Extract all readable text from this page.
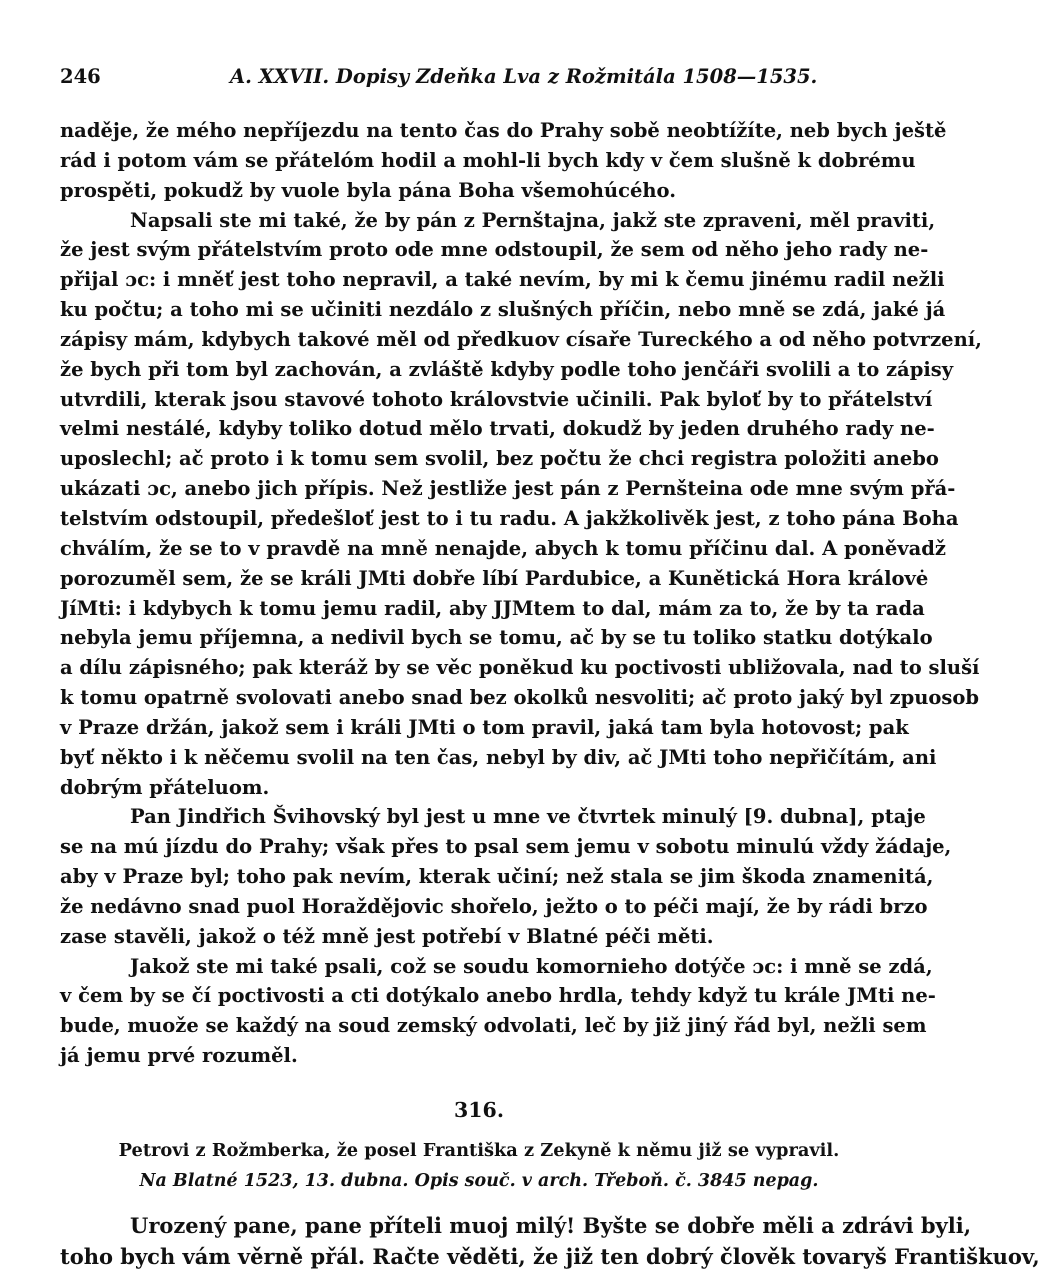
246	A. XXVII. Dopisy Zdeňka Lva z Rožmitála 1508—1535.
naděje, že mého nepříjezdu na tento čas do Prahy sobě neobtížíte, neb bych ještě
rád i potom vám se přátelóm hodil a mohl-li bych kdy v čem slušně k dobrému
prospěti, pokudž by vuole byla pána Boha všemohúcého.
Napsali ste mi také, že by pán z Pernštajna, jakž ste zpraveni, měl praviti,
že jest svým přátelstvím proto ode mne odstoupil, že sem od něho jeho rady ne-
přijal ɔc: i mněť jest toho nepravil, a také nevím, by mi k čemu jinému radil nežli
ku počtu; a toho mi se učiniti nezdálo z slušných příčin, nebo mně se zdá, jaké já
zápisy mám, kdybych takové měl od předkuov císaře Tureckého a od něho potvrzení,
že bych při tom byl zachován, a zvláště kdyby podle toho jenčáři svolili a to zápisy
utvrdili, kterak jsou stavové tohoto královstvie učinili. Pak byloť by to přátelství
velmi nestálé, kdyby toliko dotud mělo trvati, dokudž by jeden druhého rady ne-
uposlechl; ač proto i k tomu sem svolil, bez počtu že chci registra položiti anebo
ukázati ɔc, anebo jich přípis. Než jestliže jest pán z Pernšteina ode mne svým přá-
telstvím odstoupil, předešloť jest to i tu radu. A jakžkolivěk jest, z toho pána Boha
chválím, že se to v pravdě na mně nenajde, abych k tomu příčinu dal. A poněvadž
porozuměl sem, že se králi JMti dobře líbí Pardubice, a Kunětická Hora královė
JíMti: i kdybych k tomu jemu radil, aby JJMtem to dal, mám za to, že by ta rada
nebyla jemu příjemna, a nedivil bych se tomu, ač by se tu toliko statku dotýkalo
a dílu zápisného; pak kteráž by se věc poněkud ku poctivosti ubližovala, nad to sluší
k tomu opatrně svolovati anebo snad bez okolků nesvoliti; ač proto jaký byl zpuosob
v Praze držán, jakož sem i králi JMti o tom pravil, jaká tam byla hotovost; pak
byť někto i k něčemu svolil na ten čas, nebyl by div, ač JMti toho nepřičítám, ani
dobrým přáteluom.
Pan Jindřich Švihovský byl jest u mne ve čtvrtek minulý [9. dubna], ptaje
se na mú jízdu do Prahy; však přes to psal sem jemu v sobotu minulú vždy žádaje,
aby v Praze byl; toho pak nevím, kterak učiní; než stala se jim škoda znamenitá,
že nedávno snad puol Horaždějovic shořelo, ježto o to péči mají, že by rádi brzo
zase stavěli, jakož o též mně jest potřebí v Blatné péči měti.
Jakož ste mi také psali, což se soudu komornieho dotýče ɔc: i mně se zdá,
v čem by se čí poctivosti a cti dotýkalo anebo hrdla, tehdy když tu krále JMti ne-
bude, muože se každý na soud zemský odvolati, leč by již jiný řád byl, nežli sem
já jemu prvé rozuměl.
316.
Petrovi z Rožmberka, že posel Františka z Zekyně k němu již se vypravil.
Na Blatné 1523, 13. dubna. Opis souč. v arch. Třeboň. č. 3845 nepag.
Urozený pane, pane příteli muoj milý! Byšte se dobře měli a zdrávi byli,
toho bych vám věrně přál. Račte věděti, že již ten dobrý člověk tovaryš Františkuov,
